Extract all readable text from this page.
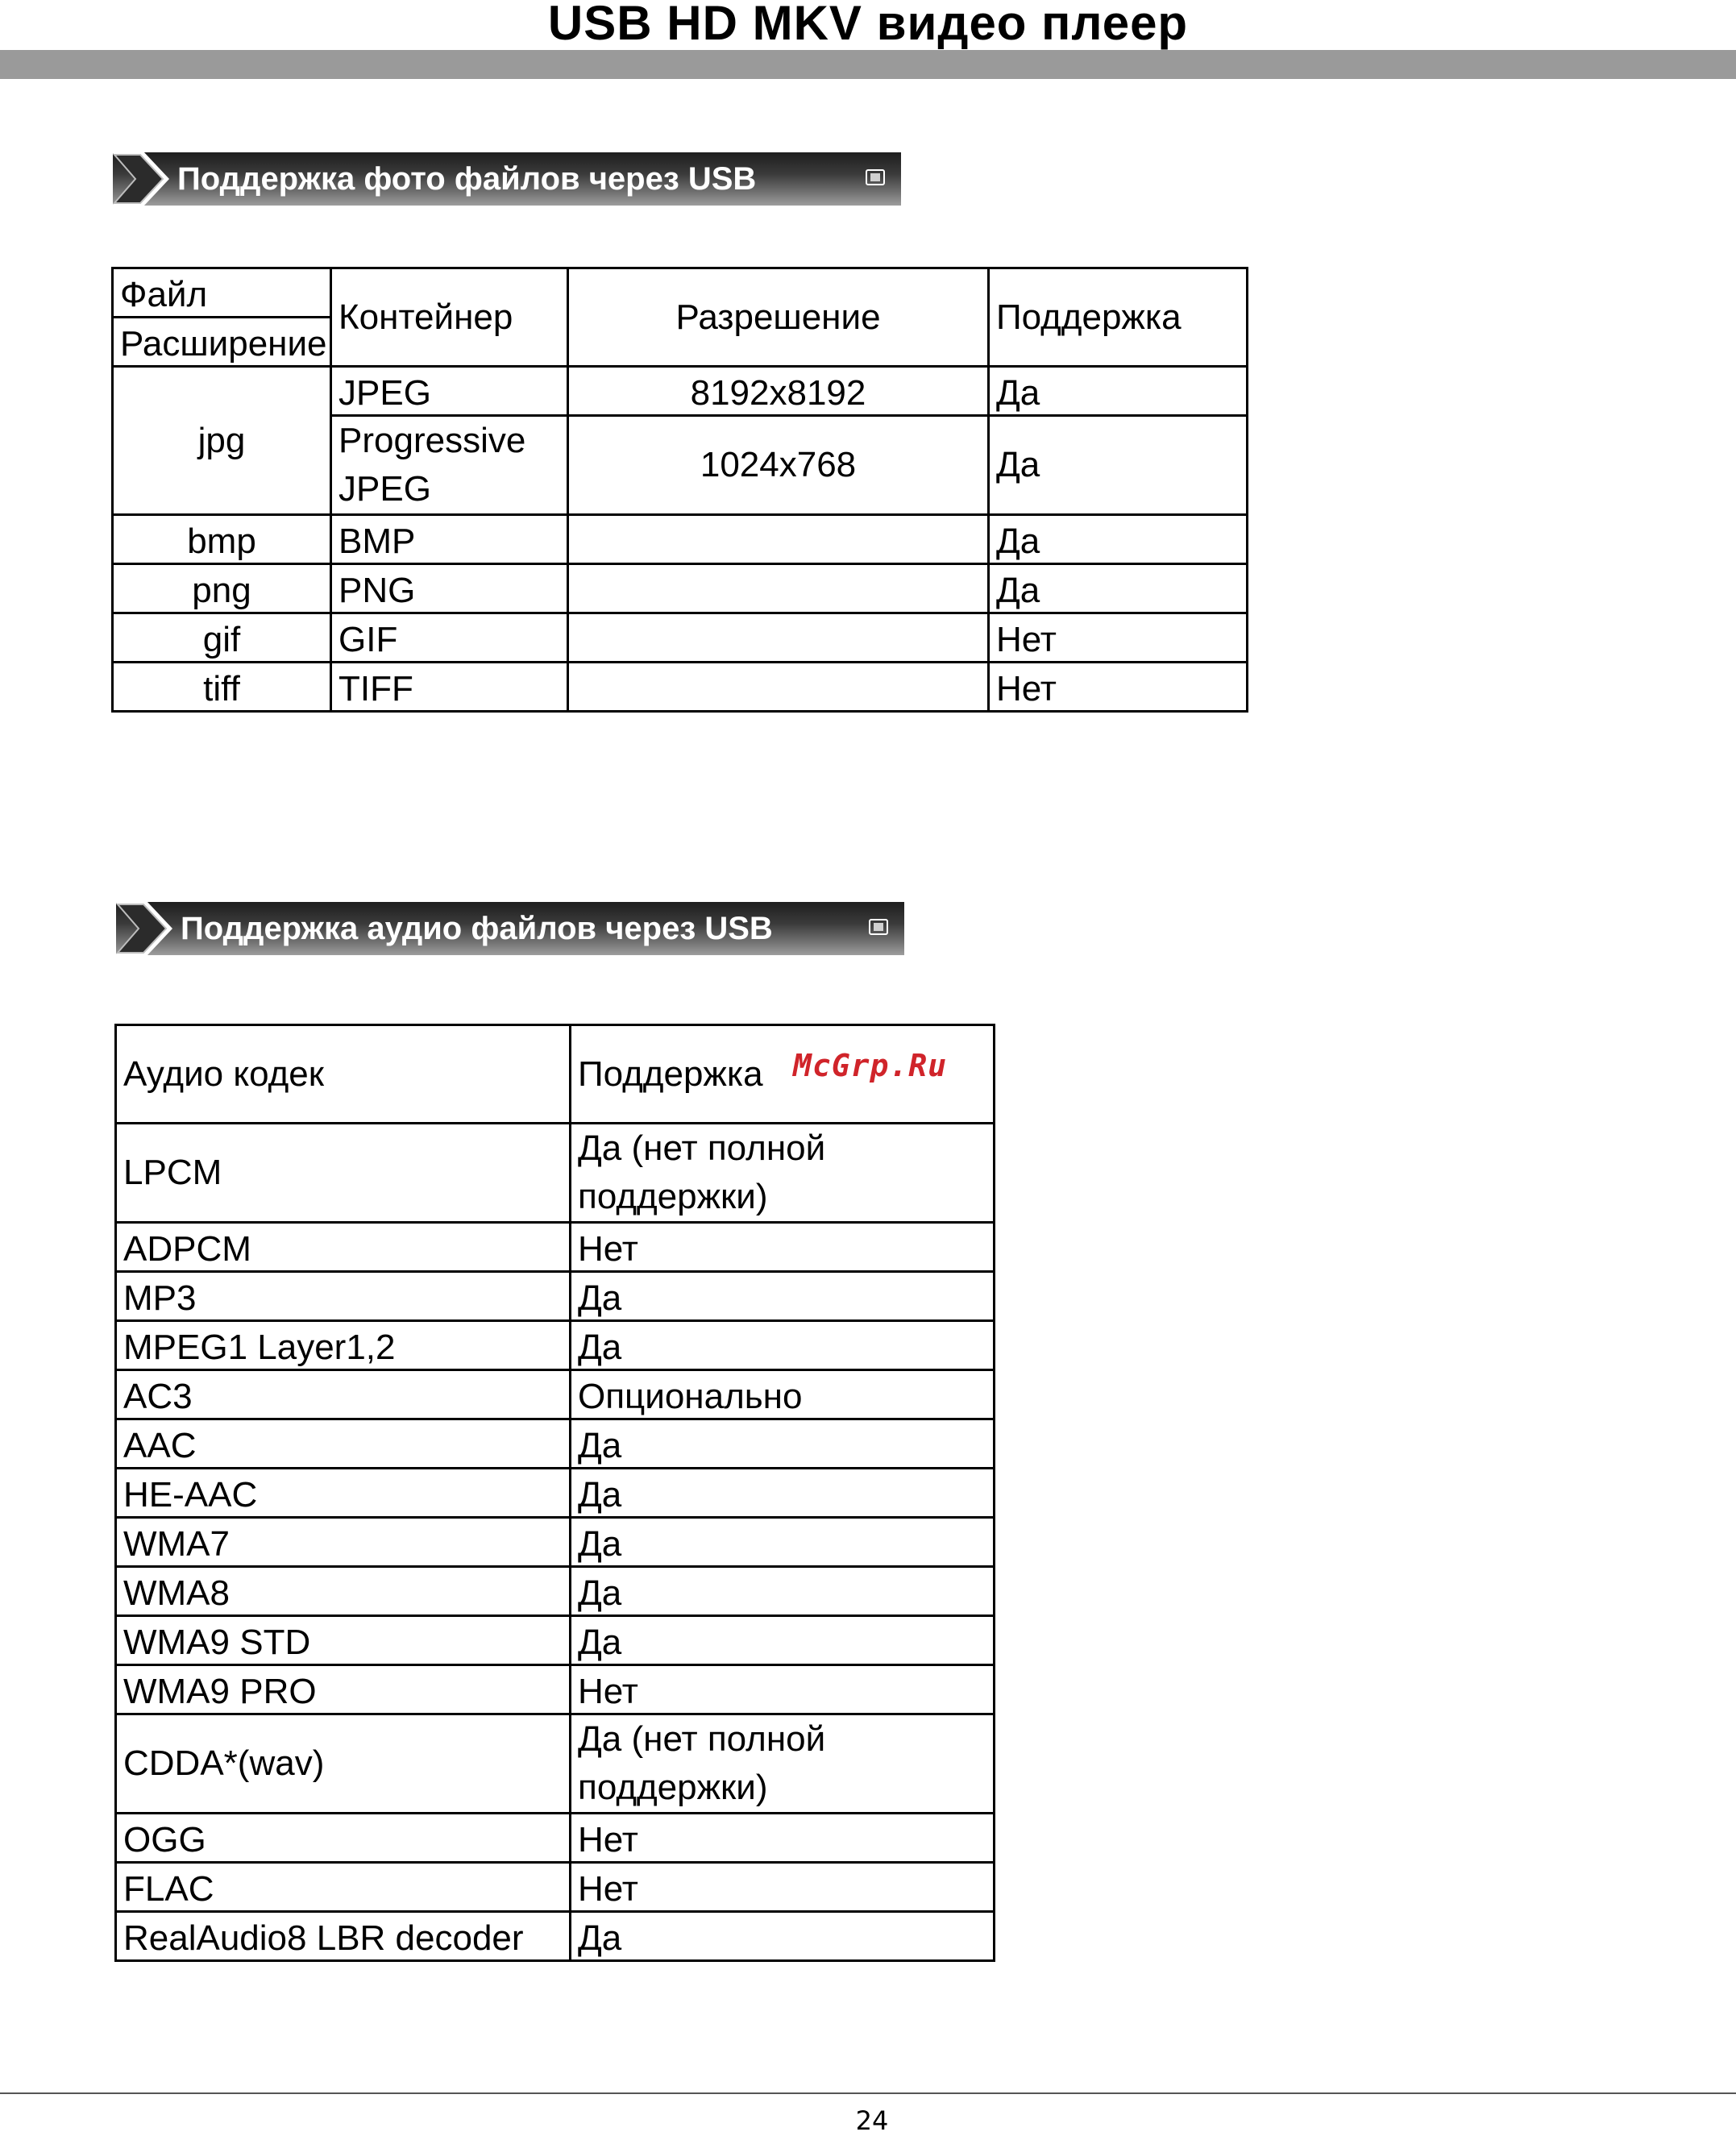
USB HD MKV видео плеер
Поддержка фото файлов через USB
Файл	Контейнер	Разрешение	Поддержка
Расширение			
jpg	JPEG	8192x8192	Да
	Progressive JPEG	1024x768	Да
bmp	BMP		Да
png	PNG		Да
gif	GIF		Нет
tiff	TIFF		Нет
Поддержка аудио файлов через USB
Аудио кодек	Поддержка
LPCM	Да (нет полной поддержки)
ADPCM	Нет
MP3	Да
MPEG1 Layer1,2	Да
AC3	Опционально
AAC	Да
HE-AAC	Да
WMA7	Да
WMA8	Да
WMA9 STD	Да
WMA9 PRO	Нет
CDDA*(wav)	Да (нет полной поддержки)
OGG	Нет
FLAC	Нет
RealAudio8 LBR decoder	Да
McGrp.Ru
24
